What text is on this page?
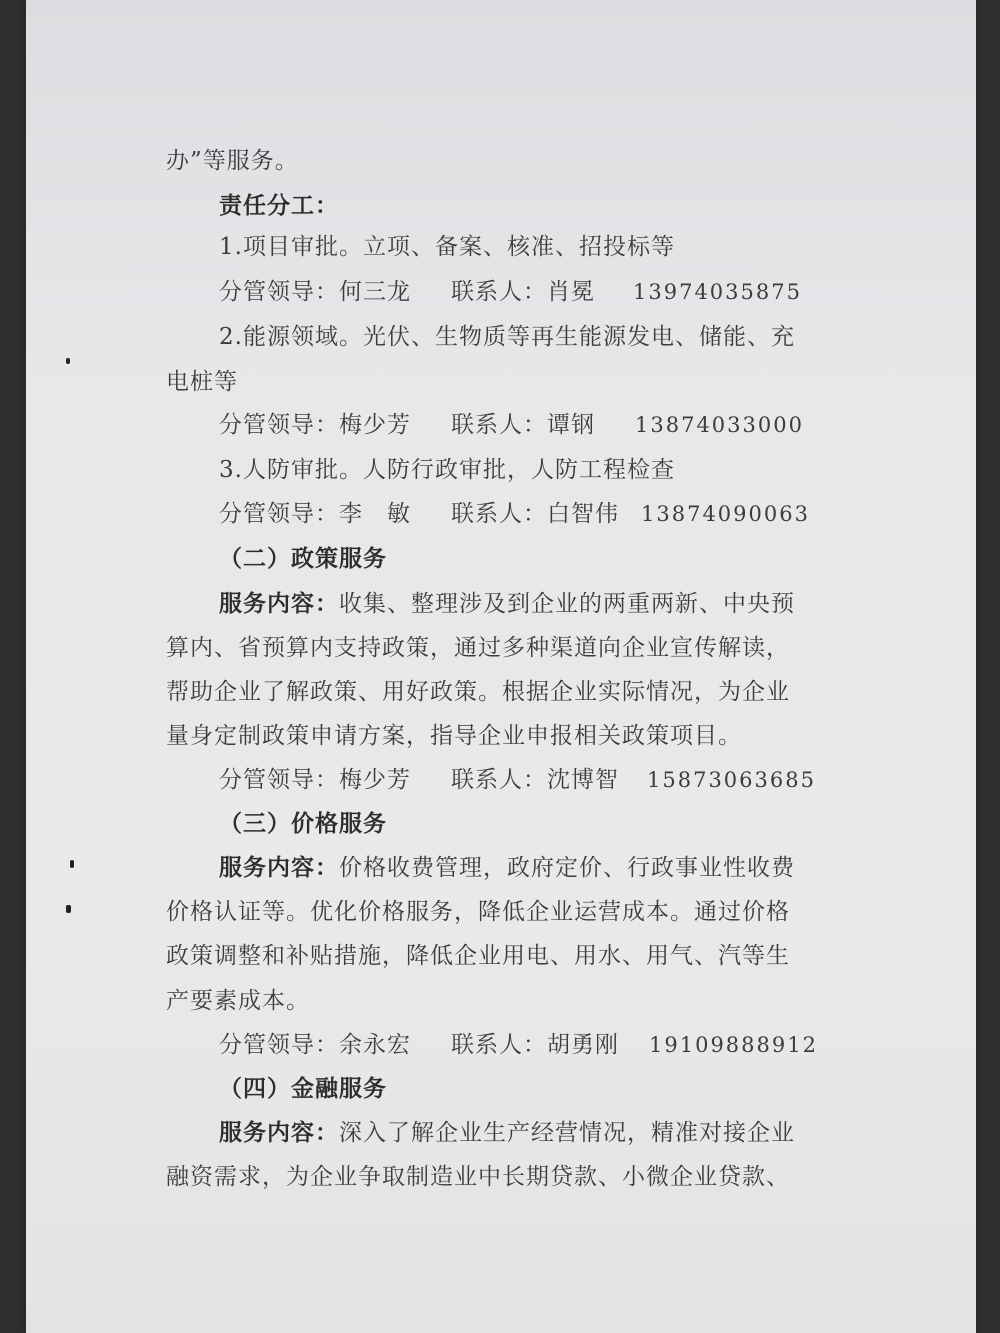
办”等服务。
责任分工：
1.项目审批。立项、备案、核准、招投标等
分管领导：何三龙 联系人：肖冕 13974035875
2.能源领域。光伏、生物质等再生能源发电、储能、充
电桩等
分管领导：梅少芳 联系人：谭钢 13874033000
3.人防审批。人防行政审批，人防工程检查
分管领导：李　敏 联系人：白智伟 13874090063
（二）政策服务
服务内容：收集、整理涉及到企业的两重两新、中央预
算内、省预算内支持政策，通过多种渠道向企业宣传解读，
帮助企业了解政策、用好政策。根据企业实际情况，为企业
量身定制政策申请方案，指导企业申报相关政策项目。
分管领导：梅少芳 联系人：沈博智 15873063685
（三）价格服务
服务内容：价格收费管理，政府定价、行政事业性收费
价格认证等。优化价格服务，降低企业运营成本。通过价格
政策调整和补贴措施，降低企业用电、用水、用气、汽等生
产要素成本。
分管领导：余永宏 联系人：胡勇刚 19109888912
（四）金融服务
服务内容：深入了解企业生产经营情况，精准对接企业
融资需求，为企业争取制造业中长期贷款、小微企业贷款、
